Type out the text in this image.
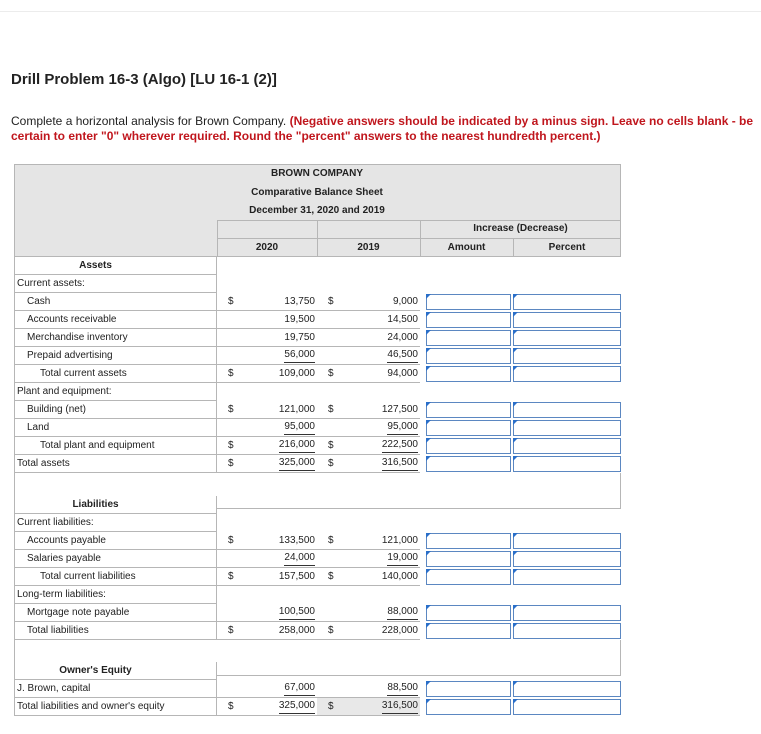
Drill Problem 16-3 (Algo) [LU 16-1 (2)]
Complete a horizontal analysis for Brown Company. (Negative answers should be indicated by a minus sign. Leave no cells blank - be certain to enter "0" wherever required. Round the "percent" answers to the nearest hundredth percent.)
BROWN COMPANY
Comparative Balance Sheet
December 31, 2020 and 2019
Increase (Decrease)
2020	2019	Amount	Percent
Assets
Current assets:
Cash	$	13,750 $	9,000
Accounts receivable	19,500	14,500
Merchandise inventory	19,750	24,000
Prepaid advertising	56,000	46,500
Total current assets	$	109,000 $	94,000
Plant and equipment:
Building (net)	$	121,000 $	127,500
Land	95,000	95,000
Total plant and equipment	$	216,000 $	222,500
Total assets	$	325,000 $	316,500
Liabilities
Current liabilities:
Accounts payable	$	133,500 $	121,000
Salaries payable	24,000	19,000
Total current liabilities	$	157,500 $	140,000
Long-term liabilities:
Mortgage note payable	100,500	88,000
Total liabilities	$	258,000 $	228,000
Owner's Equity
J. Brown, capital	67,000	88,500
Total liabilities and owner's equity	$	325,000 $	316,500
